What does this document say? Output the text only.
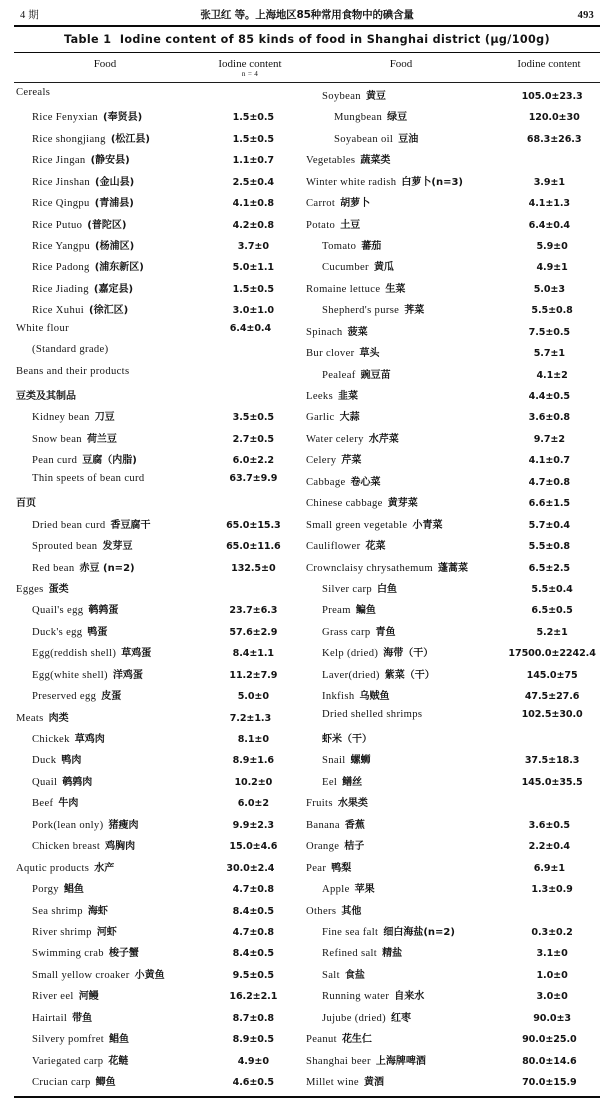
4 期	张卫红 等。上海地区85种常用食物中的碘含量	493
Table 1 Iodine content of 85 kinds of food in Shanghai district (μg/100g)
Food	Iodine content
n = 4
Food	Iodine content
Cereals
Rice Fenyxian (奉贤县)	1.5±0.5
Rice shongjiang (松江县)	1.5±0.5
Rice Jingan (静安县)	1.1±0.7
Rice Jinshan (金山县)	2.5±0.4
Rice Qingpu (青浦县)	4.1±0.8
Rice Putuo (普陀区)	4.2±0.8
Rice Yangpu (杨浦区)	3.7±0
Rice Padong (浦东新区)	5.0±1.1
Rice Jiading (嘉定县)	1.5±0.5
Rice Xuhui (徐汇区)	3.0±1.0
White flour	6.4±0.4
(Standard grade)
Beans and their products
豆类及其制品
Kidney bean 刀豆	3.5±0.5
Snow bean 荷兰豆	2.7±0.5
Pean curd 豆腐（内脂)	6.0±2.2
Thin speets of bean curd	63.7±9.9
百页
Dried bean curd 香豆腐干	65.0±15.3
Sprouted bean 发芽豆	65.0±11.6
Red bean 赤豆 (n=2)	132.5±0
Egges 蛋类
Quail's egg 鹌鹑蛋	23.7±6.3
Duck's egg 鸭蛋	57.6±2.9
Egg(reddish shell) 草鸡蛋	8.4±1.1
Egg(white shell) 洋鸡蛋	11.2±7.9
Preserved egg 皮蛋	5.0±0
Meats 肉类	7.2±1.3
Chickek 草鸡肉	8.1±0
Duck 鸭肉	8.9±1.6
Quail 鹌鹑肉	10.2±0
Beef 牛肉	6.0±2
Pork(lean only) 猪瘦肉	9.9±2.3
Chicken breast 鸡胸肉	15.0±4.6
Aqutic products 水产	30.0±2.4
Porgy 鲳鱼	4.7±0.8
Sea shrimp 海虾	8.4±0.5
River shrimp 河虾	4.7±0.8
Swimming crab 梭子蟹	8.4±0.5
Small yellow croaker 小黄鱼	9.5±0.5
River eel 河鳗	16.2±2.1
Hairtail 带鱼	8.7±0.8
Silvery pomfret 鲳鱼	8.9±0.5
Variegated carp 花鲢	4.9±0
Crucian carp 鲫鱼	4.6±0.5
Soybean 黄豆	105.0±23.3
Mungbean 绿豆	120.0±30
Soyabean oil 豆油	68.3±26.3
Vegetables 蔬菜类
Winter white radish 白萝卜(n=3)	3.9±1
Carrot 胡萝卜	4.1±1.3
Potato 土豆	6.4±0.4
Tomato 蕃茄	5.9±0
Cucumber 黄瓜	4.9±1
Romaine lettuce 生菜	5.0±3
Shepherd's purse 荠菜	5.5±0.8
Spinach 菠菜	7.5±0.5
Bur clover 草头	5.7±1
Pealeaf 豌豆苗	4.1±2
Leeks 韭菜	4.4±0.5
Garlic 大蒜	3.6±0.8
Water celery 水芹菜	9.7±2
Celery 芹菜	4.1±0.7
Cabbage 卷心菜	4.7±0.8
Chinese cabbage 黄芽菜	6.6±1.5
Small green vegetable 小青菜	5.7±0.4
Cauliflower 花菜	5.5±0.8
Crownclaisy chrysathemum 蓬蒿菜	6.5±2.5
Silver carp 白鱼	5.5±0.4
Pream 鳊鱼	6.5±0.5
Grass carp 青鱼	5.2±1
Kelp (dried) 海带（干）	17500.0±2242.4
Laver(dried) 紫菜（干）	145.0±75
Inkfish 乌贼鱼	47.5±27.6
Dried shelled shrimps	102.5±30.0
虾米（干）
Snail 螺蛳	37.5±18.3
Eel 鳝丝	145.0±35.5
Fruits 水果类
Banana 香蕉	3.6±0.5
Orange 桔子	2.2±0.4
Pear 鸭梨	6.9±1
Apple 苹果	1.3±0.9
Others 其他
Fine sea falt 细白海盐(n=2)	0.3±0.2
Refined salt 精盐	3.1±0
Salt 食盐	1.0±0
Running water 自来水	3.0±0
Jujube (dried) 红枣	90.0±3
Peanut 花生仁	90.0±25.0
Shanghai beer 上海牌啤酒	80.0±14.6
Millet wine 黄酒	70.0±15.9
